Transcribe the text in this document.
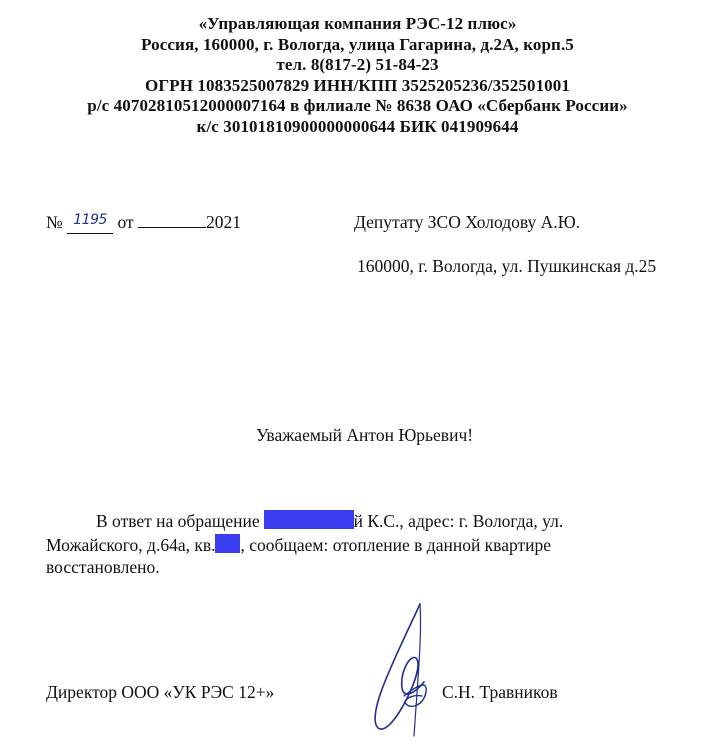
«Управляющая компания РЭС-12 плюс»
Россия, 160000, г. Вологда, улица Гагарина, д.2А, корп.5
тел. 8(817-2) 51-84-23
ОГРН 1083525007829 ИНН/КПП 3525205236/352501001
р/с 40702810512000007164 в филиале № 8638 ОАО «Сбербанк России»
к/с 30101810900000000644 БИК 041909644
№ $^{1195}$ от	2021	Депутату ЗСО Холодову А.Ю.
160000, г. Вологда, ул. Пушкинская д.25
Уважаемый Антон Юрьевич!
В ответ на обращение	й К.С., адрес: г. Вологда, ул.
Можайского, д.64а, кв. , сообщаем: отопление в данной квартире
восстановлено.
Директор ООО «УК РЭС 12+»	С.Н. Травников
